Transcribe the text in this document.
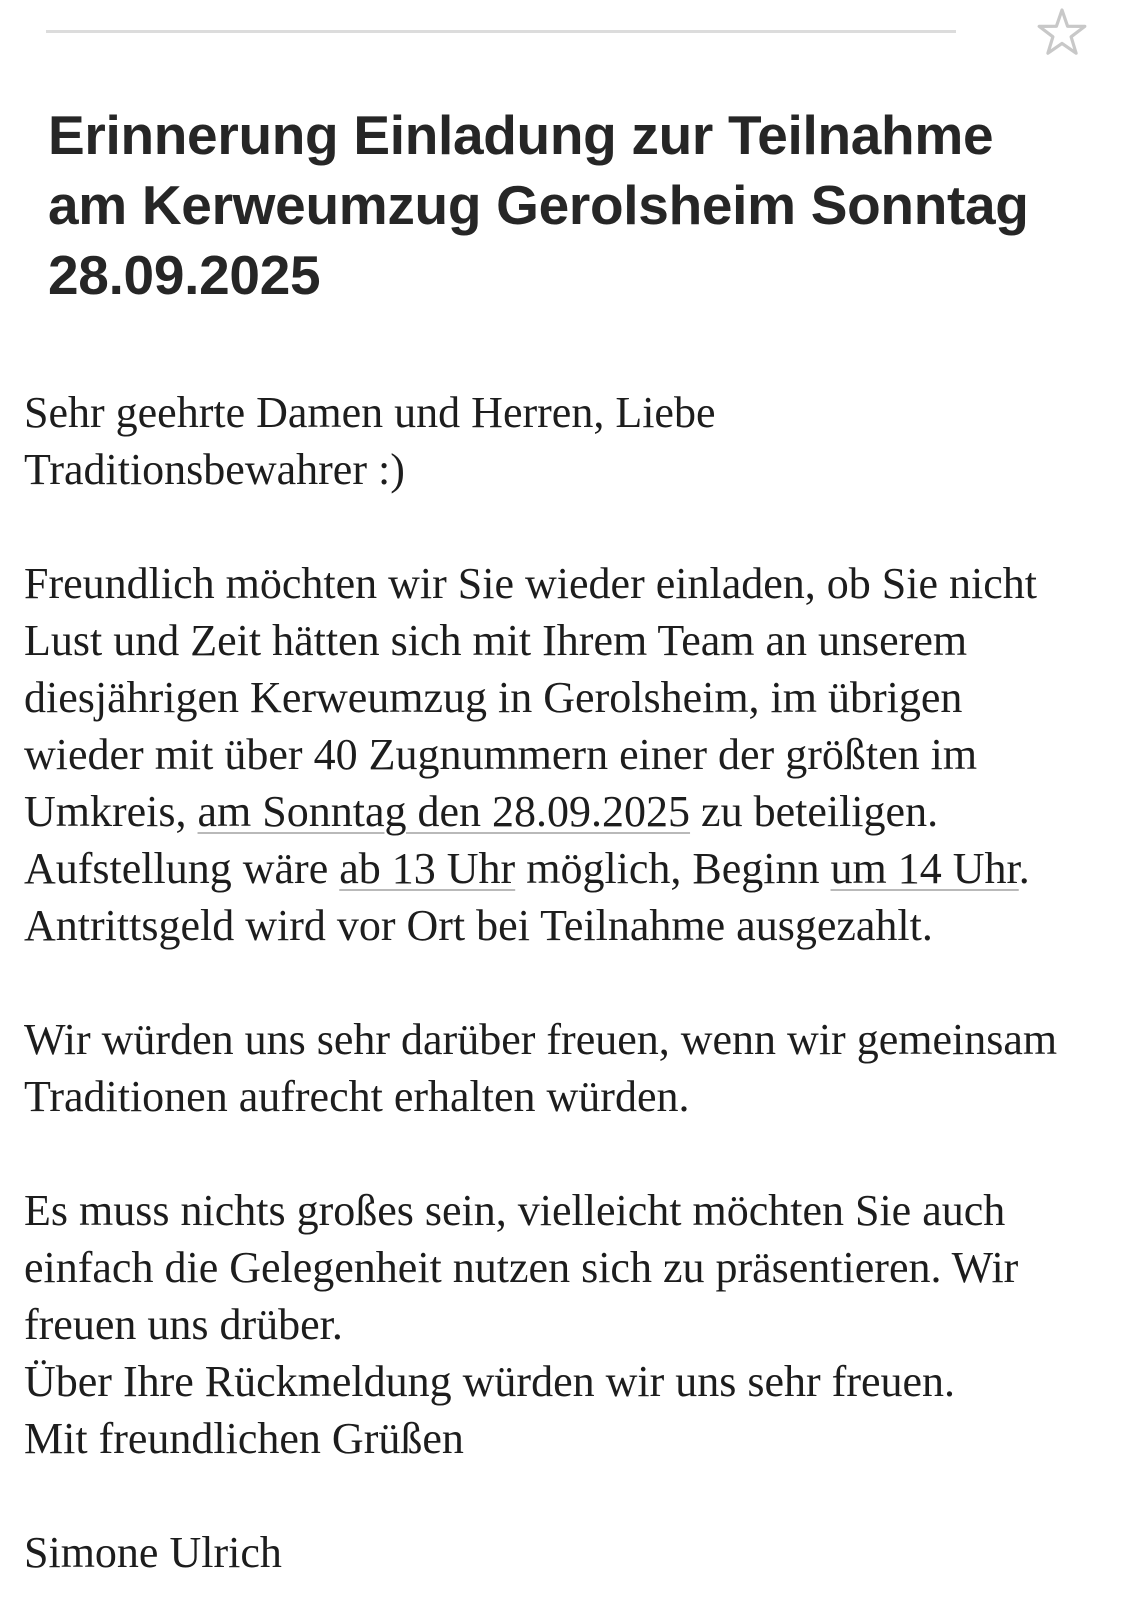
Erinnerung Einladung zur Teilnahme
am Kerweumzug Gerolsheim Sonntag
28.09.2025
Sehr geehrte Damen und Herren, Liebe
Traditionsbewahrer :)
Freundlich möchten wir Sie wieder einladen, ob Sie nicht
Lust und Zeit hätten sich mit Ihrem Team an unserem
diesjährigen Kerweumzug in Gerolsheim, im übrigen
wieder mit über 40 Zugnummern einer der größten im
Umkreis, am Sonntag den 28.09.2025 zu beteiligen.
Aufstellung wäre ab 13 Uhr möglich, Beginn um 14 Uhr.
Antrittsgeld wird vor Ort bei Teilnahme ausgezahlt.
Wir würden uns sehr darüber freuen, wenn wir gemeinsam
Traditionen aufrecht erhalten würden.
Es muss nichts großes sein, vielleicht möchten Sie auch
einfach die Gelegenheit nutzen sich zu präsentieren. Wir
freuen uns drüber.
Über Ihre Rückmeldung würden wir uns sehr freuen.
Mit freundlichen Grüßen
Simone Ulrich
